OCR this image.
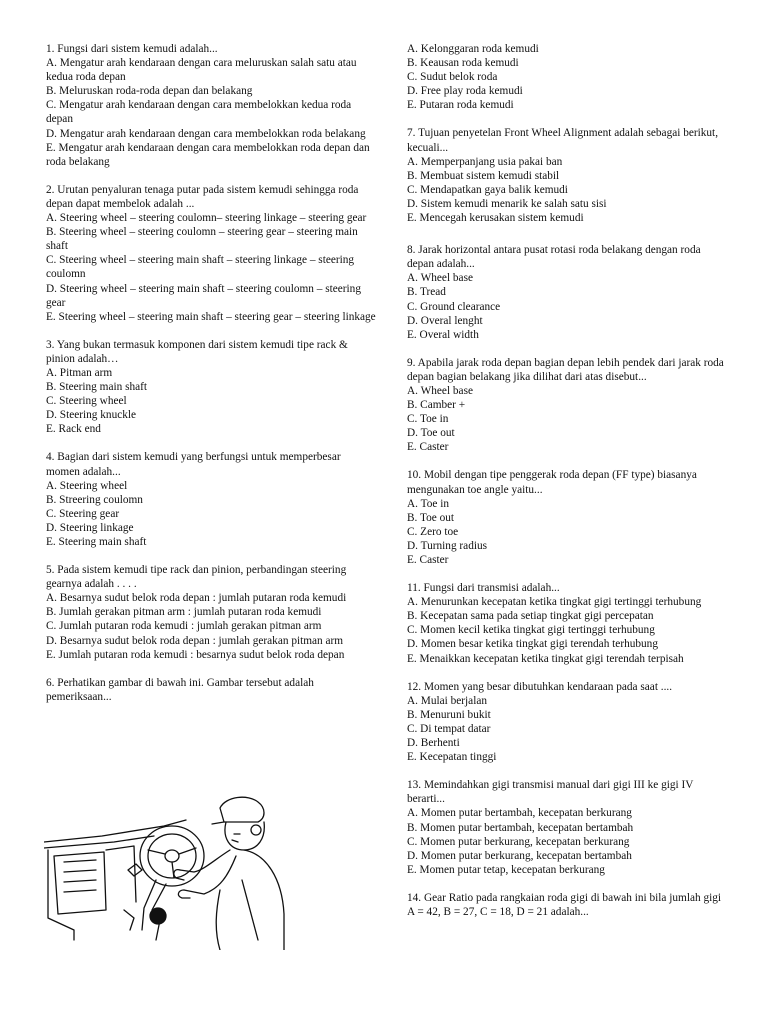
1. Fungsi dari sistem kemudi adalah...

A. Mengatur arah kendaraan dengan cara meluruskan salah satu atau kedua roda depan

B. Meluruskan roda-roda depan dan belakang

C. Mengatur arah kendaraan dengan cara membelokkan kedua roda depan

D. Mengatur arah kendaraan dengan cara membelokkan roda belakang

E. Mengatur arah kendaraan dengan cara membelokkan roda depan dan roda belakang

2. Urutan penyaluran tenaga putar pada sistem kemudi sehingga roda depan dapat membelok adalah ...

A. Steering wheel – steering coulomn– steering linkage – steering gear

B. Steering wheel – steering coulomn – steering gear – steering main shaft

C. Steering wheel – steering main shaft – steering linkage – steering coulomn

D. Steering wheel – steering main shaft – steering coulomn – steering gear

E. Steering wheel – steering main shaft – steering gear – steering linkage

3. Yang bukan termasuk komponen dari sistem kemudi tipe rack & pinion adalah…

A. Pitman arm

B. Steering main shaft

C. Steering wheel

D. Steering knuckle

E. Rack end

4. Bagian dari sistem kemudi yang berfungsi untuk memperbesar momen adalah...

A. Steering wheel

B. Streering coulomn

C. Steering gear

D. Steering linkage

E. Steering main shaft

5. Pada sistem kemudi tipe rack dan pinion, perbandingan steering gearnya adalah . . . .

A. Besarnya sudut belok roda depan : jumlah putaran roda kemudi

B. Jumlah gerakan pitman arm : jumlah putaran roda kemudi

C. Jumlah putaran roda kemudi : jumlah gerakan pitman arm

D. Besarnya sudut belok roda depan : jumlah gerakan pitman arm

E. Jumlah putaran roda kemudi : besarnya sudut belok roda depan

6. Perhatikan gambar di bawah ini. Gambar tersebut adalah pemeriksaan...

A. Kelonggaran roda kemudi

B. Keausan roda kemudi

C. Sudut belok roda

D. Free play roda kemudi

E. Putaran roda kemudi

7. Tujuan penyetelan Front Wheel Alignment adalah sebagai berikut, kecuali...

A. Memperpanjang usia pakai ban

B. Membuat sistem kemudi stabil

C. Mendapatkan gaya balik kemudi

D. Sistem kemudi menarik ke salah satu sisi

E. Mencegah kerusakan sistem kemudi

8. Jarak horizontal antara pusat rotasi roda belakang dengan roda depan adalah...

A. Wheel base

B. Tread

C. Ground clearance

D. Overal lenght

E. Overal width

9. Apabila jarak roda depan bagian depan lebih pendek dari jarak roda depan bagian belakang jika dilihat dari atas disebut...

A. Wheel base

B. Camber +

C. Toe in

D. Toe out

E. Caster

10. Mobil dengan tipe penggerak roda depan (FF type) biasanya mengunakan toe angle yaitu...

A. Toe in

B. Toe out

C. Zero toe

D. Turning radius

E. Caster

11. Fungsi dari transmisi adalah...

A. Menurunkan kecepatan ketika tingkat gigi tertinggi terhubung

B. Kecepatan sama pada setiap tingkat gigi percepatan

C. Momen kecil ketika tingkat gigi tertinggi terhubung

D. Momen besar ketika tingkat gigi terendah terhubung

E. Menaikkan kecepatan ketika tingkat gigi terendah terpisah

12. Momen yang besar dibutuhkan kendaraan pada saat ....

A. Mulai berjalan

B. Menuruni bukit

C. Di tempat datar

D. Berhenti

E. Kecepatan tinggi

13. Memindahkan gigi transmisi manual dari gigi III ke gigi IV berarti...

A. Momen putar bertambah, kecepatan berkurang

B. Momen putar bertambah, kecepatan bertambah

C. Momen putar berkurang, kecepatan berkurang

D. Momen putar berkurang, kecepatan bertambah

E. Momen putar tetap, kecepatan berkurang

14. Gear Ratio pada rangkaian roda gigi di bawah ini bila jumlah gigi A = 42, B = 27, C = 18, D = 21 adalah...
